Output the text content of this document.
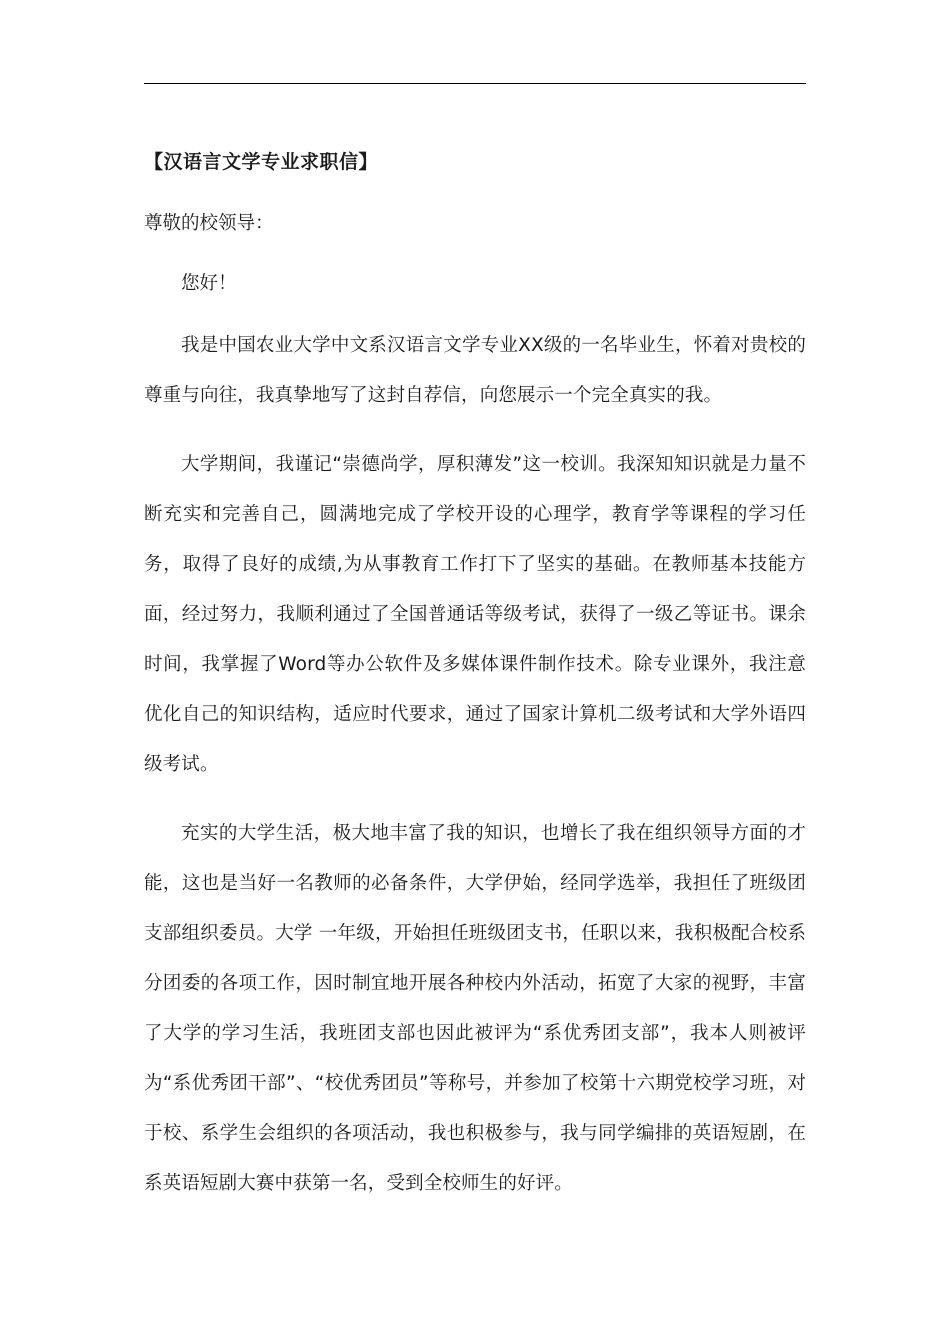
【汉语言文学专业求职信】

尊敬的校领导：

您好！

我是中国农业大学中文系汉语言文学专业XX级的一名毕业生，怀着对贵校的尊重与向往，我真挚地写了这封自荐信，向您展示一个完全真实的我。

大学期间，我谨记“崇德尚学，厚积薄发”这一校训。我深知知识就是力量不断充实和完善自己，圆满地完成了学校开设的心理学，教育学等课程的学习任务，取得了良好的成绩,为从事教育工作打下了坚实的基础。在教师基本技能方面，经过努力，我顺利通过了全国普通话等级考试，获得了一级乙等证书。课余时间，我掌握了Word等办公软件及多媒体课件制作技术。除专业课外，我注意优化自己的知识结构，适应时代要求，通过了国家计算机二级考试和大学外语四级考试。

充实的大学生活，极大地丰富了我的知识，也增长了我在组织领导方面的才能，这也是当好一名教师的必备条件，大学伊始，经同学选举，我担任了班级团支部组织委员。大学 一年级，开始担任班级团支书，任职以来，我积极配合校系分团委的各项工作，因时制宜地开展各种校内外活动，拓宽了大家的视野，丰富了大学的学习生活，我班团支部也因此被评为“系优秀团支部”，我本人则被评为“系优秀团干部”、“校优秀团员”等称号，并参加了校第十六期党校学习班，对于校、系学生会组织的各项活动，我也积极参与，我与同学编排的英语短剧，在系英语短剧大赛中获第一名，受到全校师生的好评。
